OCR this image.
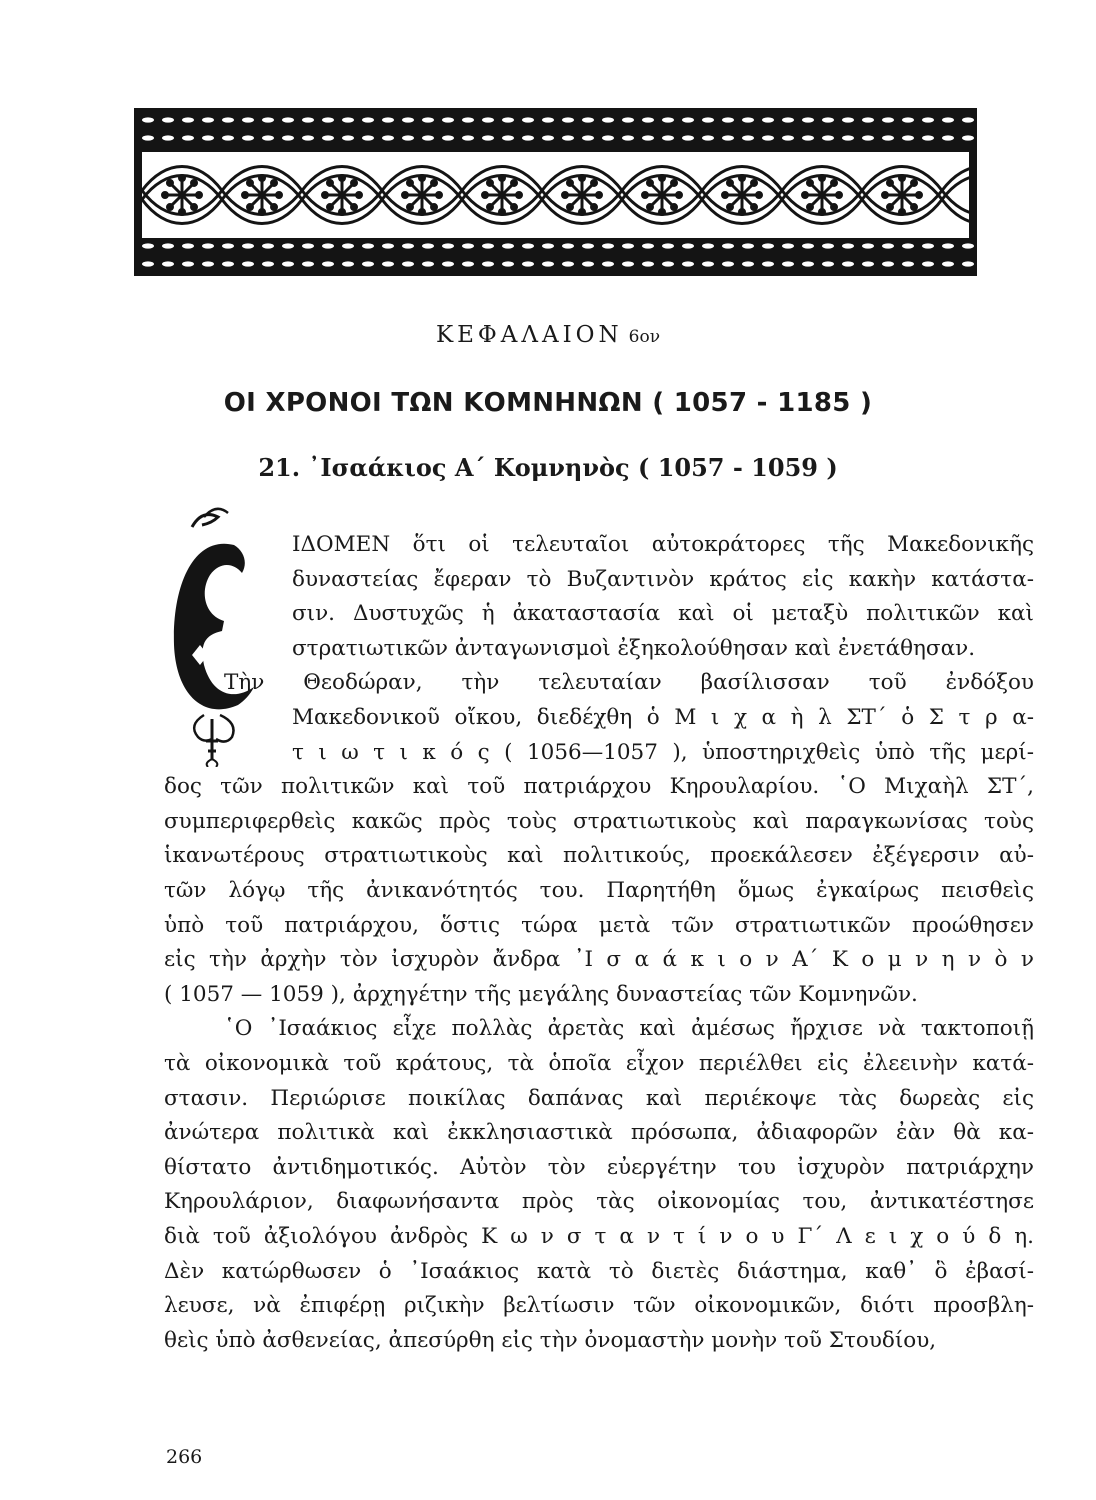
ΚΕΦΑΛΑΙΟΝ 6ον
ΟΙ ΧΡΟΝΟΙ ΤΩΝ ΚΟΜΝΗΝΩΝ ( 1057 - 1185 )
21. ᾿Ισαάκιος Α΄ Κομνηνὸς ( 1057 - 1059 )
ΙΔΟΜΕΝ ὅτι οἱ τελευταῖοι αὐτοκράτορες τῆς Μακεδονικῆς
δυναστείας ἔφεραν τὸ Βυζαντινὸν κράτος εἰς κακὴν κατάστα-
σιν. Δυστυχῶς ἡ ἀκαταστασία καὶ οἱ μεταξὺ πολιτικῶν καὶ
στρατιωτικῶν ἀνταγωνισμοὶ ἐξηκολούθησαν καὶ ἐνετάθησαν.
Τὴν Θεοδώραν, τὴν τελευταίαν βασίλισσαν τοῦ ἐνδόξου
Μακεδονικοῦ οἴκου, διεδέχθη ὁ Μ ι χ α ὴ λ ΣΤ΄ ὁ Σ τ ρ α-
τ ι ω τ ι κ ό ς ( 1056—1057 ), ὑποστηριχθεὶς ὑπὸ τῆς μερί-
δος τῶν πολιτικῶν καὶ τοῦ πατριάρχου Κηρουλαρίου. ῾Ο Μιχαὴλ ΣΤ΄,
συμπεριφερθεὶς κακῶς πρὸς τοὺς στρατιωτικοὺς καὶ παραγκωνίσας τοὺς
ἱκανωτέρους στρατιωτικοὺς καὶ πολιτικούς, προεκάλεσεν ἐξέγερσιν αὐ-
τῶν λόγῳ τῆς ἀνικανότητός του. Παρητήθη ὅμως ἐγκαίρως πεισθεὶς
ὑπὸ τοῦ πατριάρχου, ὅστις τώρα μετὰ τῶν στρατιωτικῶν προώθησεν
εἰς τὴν ἀρχὴν τὸν ἰσχυρὸν ἄνδρα ᾿Ι σ α ά κ ι ο ν Α΄ Κ ο μ ν η ν ὸ ν
( 1057 — 1059 ), ἀρχηγέτην τῆς μεγάλης δυναστείας τῶν Κομνηνῶν.
῾Ο ᾿Ισαάκιος εἶχε πολλὰς ἀρετὰς καὶ ἀμέσως ἤρχισε νὰ τακτοποιῇ
τὰ οἰκονομικὰ τοῦ κράτους, τὰ ὁποῖα εἶχον περιέλθει εἰς ἐλεεινὴν κατά-
στασιν. Περιώρισε ποικίλας δαπάνας καὶ περιέκοψε τὰς δωρεὰς εἰς
ἀνώτερα πολιτικὰ καὶ ἐκκλησιαστικὰ πρόσωπα, ἀδιαφορῶν ἐὰν θὰ κα-
θίστατο ἀντιδημοτικός. Αὐτὸν τὸν εὐεργέτην του ἰσχυρὸν πατριάρχην
Κηρουλάριον, διαφωνήσαντα πρὸς τὰς οἰκονομίας του, ἀντικατέστησε
διὰ τοῦ ἀξιολόγου ἀνδρὸς Κ ω ν σ τ α ν τ ί ν ο υ Γ΄ Λ ε ι χ ο ύ δ η.
Δὲν κατώρθωσεν ὁ ᾿Ισαάκιος κατὰ τὸ διετὲς διάστημα, καθ᾿ ὃ ἐβασί-
λευσε, νὰ ἐπιφέρῃ ριζικὴν βελτίωσιν τῶν οἰκονομικῶν, διότι προσβλη-
θεὶς ὑπὸ ἀσθενείας, ἀπεσύρθη εἰς τὴν ὀνομαστὴν μονὴν τοῦ Στουδίου,
266
